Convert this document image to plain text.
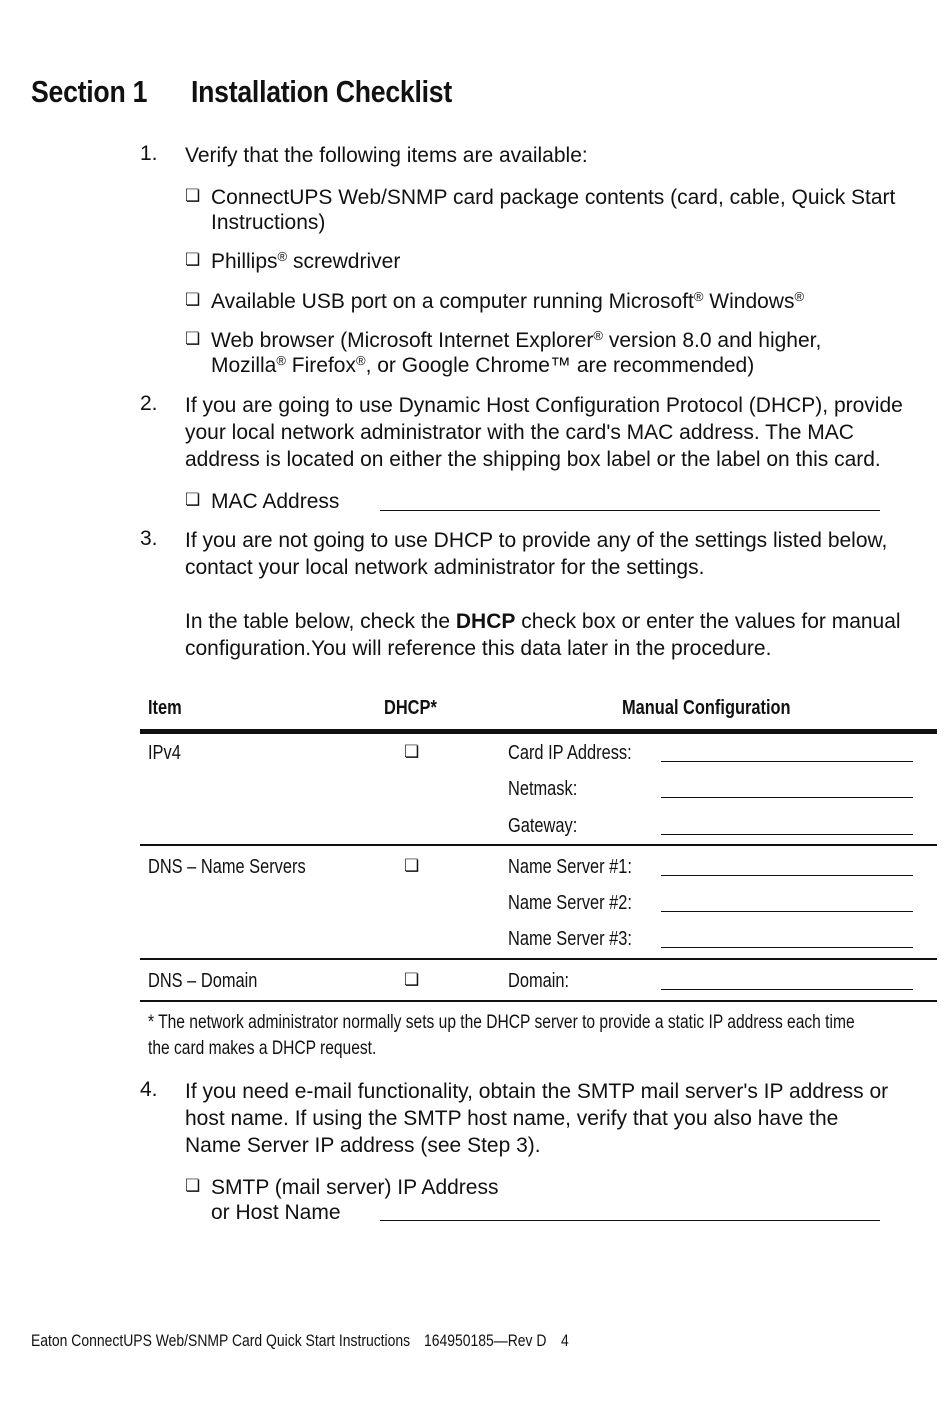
Section 1 Installation Checklist
1. Verify that the following items are available:
❏ ConnectUPS Web/SNMP card package contents (card, cable, Quick Start
Instructions)
❏ Phillips® screwdriver
❏ Available USB port on a computer running Microsoft® Windows®
❏ Web browser (Microsoft Internet Explorer® version 8.0 and higher,
Mozilla® Firefox®, or Google Chrome™ are recommended)
2. If you are going to use Dynamic Host Configuration Protocol (DHCP), provide
your local network administrator with the card's MAC address. The MAC
address is located on either the shipping box label or the label on this card.
❏ MAC Address
3. If you are not going to use DHCP to provide any of the settings listed below,
contact your local network administrator for the settings.
In the table below, check the DHCP check box or enter the values for manual
configuration.You will reference this data later in the procedure.
Item	DHCP*	Manual Configuration
IPv4	❏	Card IP Address:
Netmask:
Gateway:
DNS – Name Servers	❏	Name Server #1:
Name Server #2:
Name Server #3:
DNS – Domain	❏	Domain:
* The network administrator normally sets up the DHCP server to provide a static IP address each time
the card makes a DHCP request.
4. If you need e-mail functionality, obtain the SMTP mail server's IP address or
host name. If using the SMTP host name, verify that you also have the
Name Server IP address (see Step 3).
❏ SMTP (mail server) IP Address
or Host Name
Eaton ConnectUPS Web/SNMP Card Quick Start Instructions 164950185—Rev D 4
